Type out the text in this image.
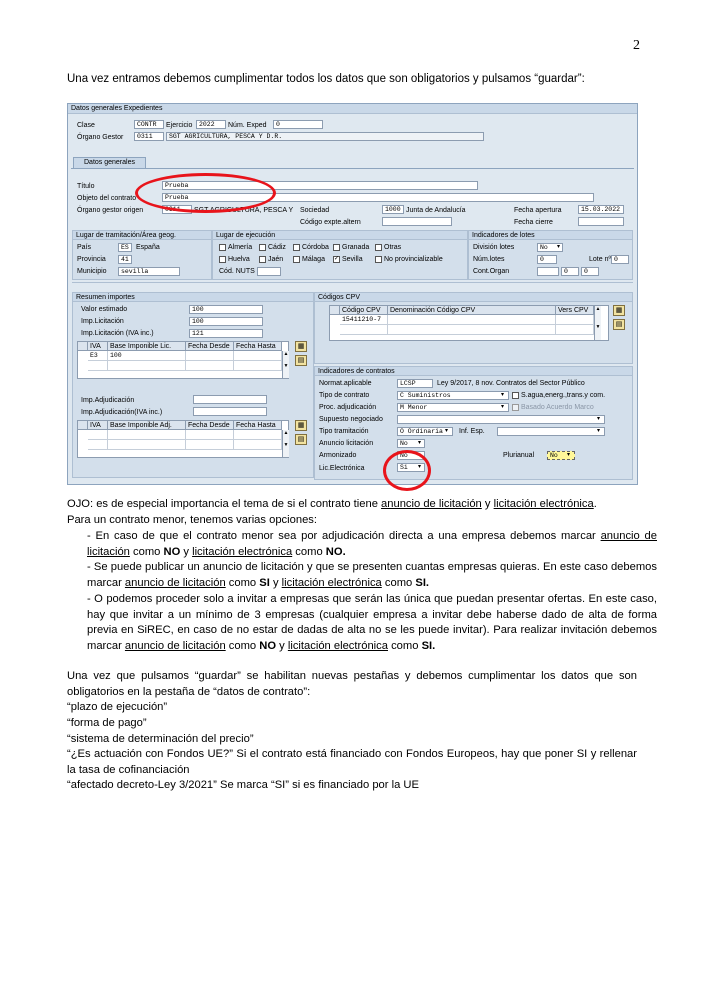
2
Una vez entramos debemos cumplimentar todos los datos que son obligatorios y pulsamos “guardar”:
Datos generales Expedientes
Clase	CONTR	Ejercicio	2022	Núm. Exped	0
Órgano Gestor	0311	SGT AGRICULTURA, PESCA Y D.R.
Datos generales
Título	Prueba
Objeto del contrato	Prueba
Órgano gestor origen	0311	SGT AGRICULTURA, PESCA Y Sociedad	1000 Junta de Andalucía	Fecha apertura	15.03.2022
Código expte.altern	Fecha cierre
Lugar de tramitación/Área geog.
País	ES	España
Provincia	41
Municipio	sevilla
Lugar de ejecución
Almería Cádiz Córdoba Granada Otras
Huelva	Jaén	Málaga ✓ Sevilla	No provincializable
Cód. NUTS
Indicadores de lotes
División lotes	No	▾
Núm.lotes	0	Lote nº 0
Cont.Organ	0	0
Resumen importes
Valor estimado	100
Imp.Licitación	100
Imp.Licitación (IVA inc.)	121
IVA	Base Imponible Lic.	Fecha Desde Fecha Hasta
E3	100	▲

▼
▦
▤
Imp.Adjudicación
Imp.Adjudicación(IVA inc.)
IVA	Base Imponible Adj.	Fecha Desde Fecha Hasta
▲

▼
▦
▤
Códigos CPV
Código CPV	Denominación Código CPV	Vers CPV
15411210-7
▲

▼
▦
▤
Indicadores de contratos
Normat.aplicable	LCSP	Ley 9/2017, 8 nov. Contratos del Sector Público
Tipo de contrato	C Suministros	▾	S.agua,energ.,trans.y com.
Proc. adjudicación	M Menor	▾	Basado Acuerdo Marco
Supuesto negociado	▾
Tipo tramitación	O Ordinaria ▾	Inf. Esp.	▾
Anuncio licitación	No	▾
Armonizado	No	Plurianual	No	▾
Lic.Electrónica	Si	▾
OJO: es de especial importancia el tema de si el contrato tiene anuncio de licitación y licitación electrónica.
Para un contrato menor, tenemos varias opciones:
- En caso de que el contrato menor sea por adjudicación directa a una empresa debemos marcar anuncio de licitación como NO y licitación electrónica como NO.
- Se puede publicar un anuncio de licitación y que se presenten cuantas empresas quieras. En este caso debemos marcar anuncio de licitación como SI y licitación electrónica como SI.
- O podemos proceder solo a invitar a empresas que serán las única que puedan presentar ofertas. En este caso, hay que invitar a un mínimo de 3 empresas (cualquier empresa a invitar debe haberse dado de alta de forma previa en SiREC, en caso de no estar de dadas de alta no se les puede invitar). Para realizar invitación debemos marcar anuncio de licitación como NO y licitación electrónica como SI.
Una vez que pulsamos “guardar” se habilitan nuevas pestañas y debemos cumplimentar los datos que son obligatorios en la pestaña de “datos de contrato”:
“plazo de ejecución”
“forma de pago”
“sistema de determinación del precio”
“¿Es actuación con Fondos UE?” Si el contrato está financiado con Fondos Europeos, hay que poner SI y rellenar la tasa de cofinanciación
“afectado decreto-Ley 3/2021” Se marca “SI” si es financiado por la UE
